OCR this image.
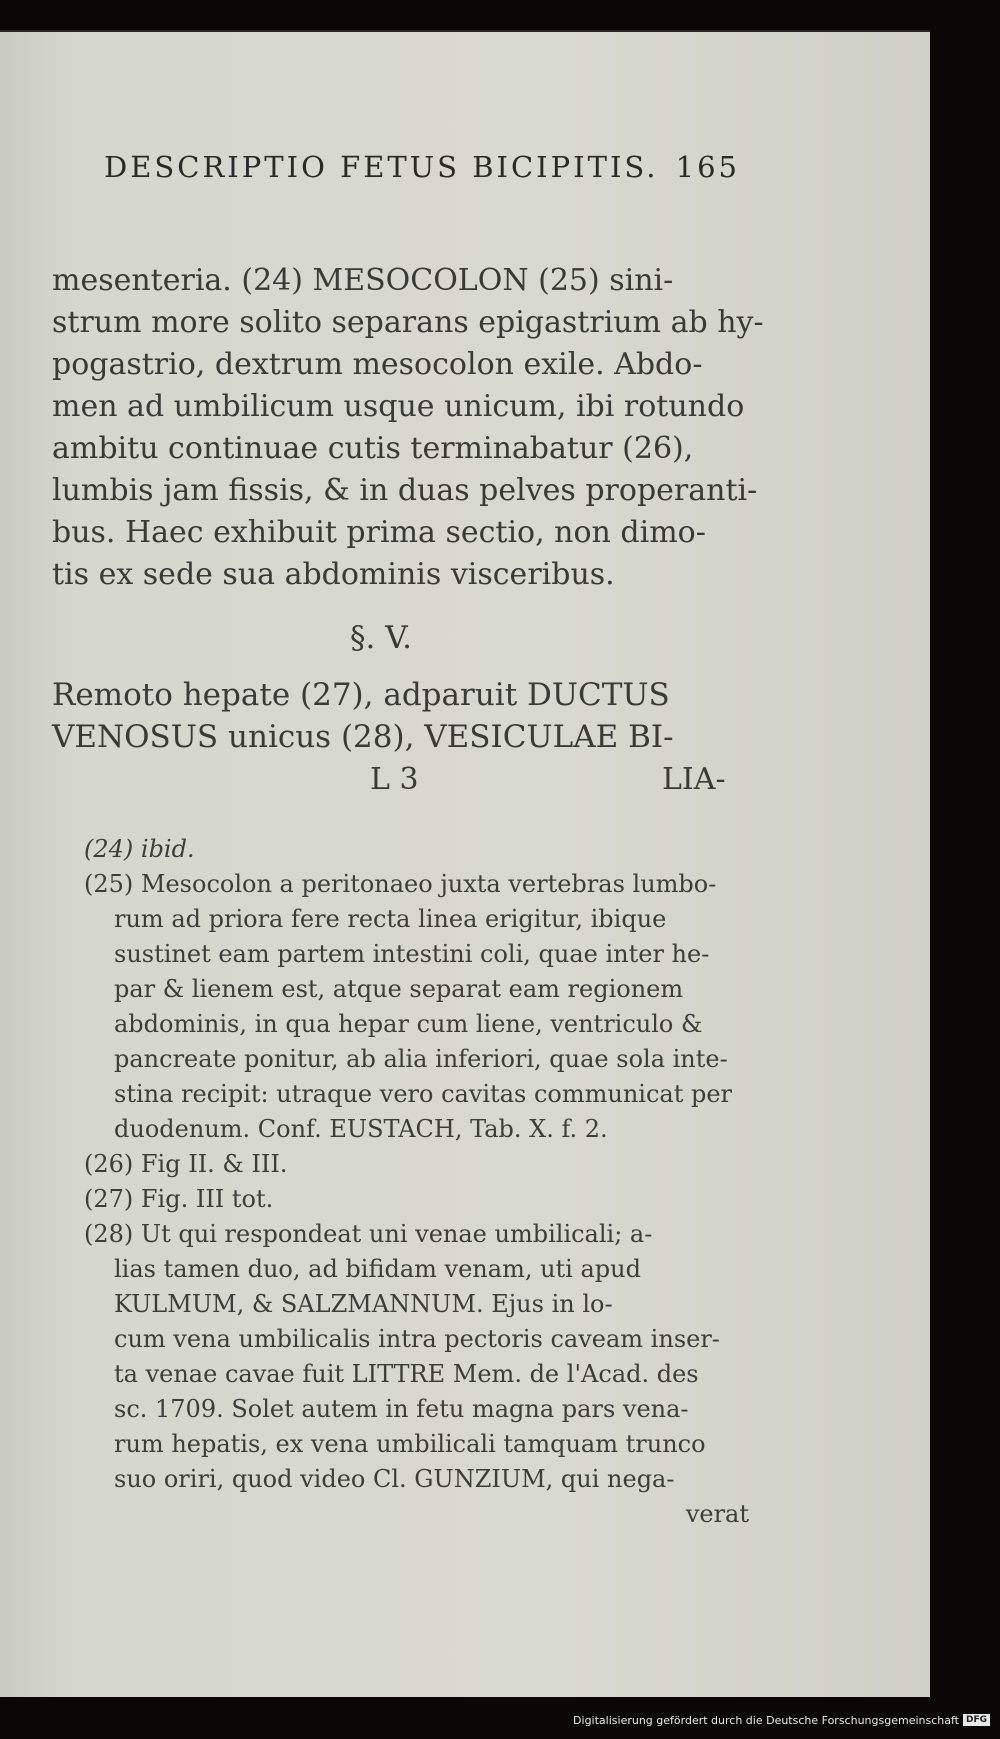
DESCRIPTIO FETUS BICIPITIS. 165
mesenteria. (24) MESOCOLON (25) sini-
strum more solito separans epigastrium ab hy-
pogastrio, dextrum mesocolon exile. Abdo-
men ad umbilicum usque unicum, ibi rotundo
ambitu continuae cutis terminabatur (26),
lumbis jam fissis, & in duas pelves properanti-
bus. Haec exhibuit prima sectio, non dimo-
tis ex sede sua abdominis visceribus.
§. V.
Remoto hepate (27), adparuit DUCTUS
VENOSUS unicus (28), VESICULAE BI-
L 3	LIA-
(24) ibid.
(25) Mesocolon a peritonaeo juxta vertebras lumbo-
rum ad priora fere recta linea erigitur, ibique
sustinet eam partem intestini coli, quae inter he-
par & lienem est, atque separat eam regionem
abdominis, in qua hepar cum liene, ventriculo &
pancreate ponitur, ab alia inferiori, quae sola inte-
stina recipit: utraque vero cavitas communicat per
duodenum. Conf. EUSTACH, Tab. X. f. 2.
(26) Fig II. & III.
(27) Fig. III tot.
(28) Ut qui respondeat uni venae umbilicali; a-
lias tamen duo, ad bifidam venam, uti apud
KULMUM, & SALZMANNUM. Ejus in lo-
cum vena umbilicalis intra pectoris caveam inser-
ta venae cavae fuit LITTRE Mem. de l'Acad. des
sc. 1709. Solet autem in fetu magna pars vena-
rum hepatis, ex vena umbilicali tamquam trunco
suo oriri, quod video Cl. GUNZIUM, qui nega-
verat
Digitalisierung gefördert durch die Deutsche Forschungsgemeinschaft DFG
